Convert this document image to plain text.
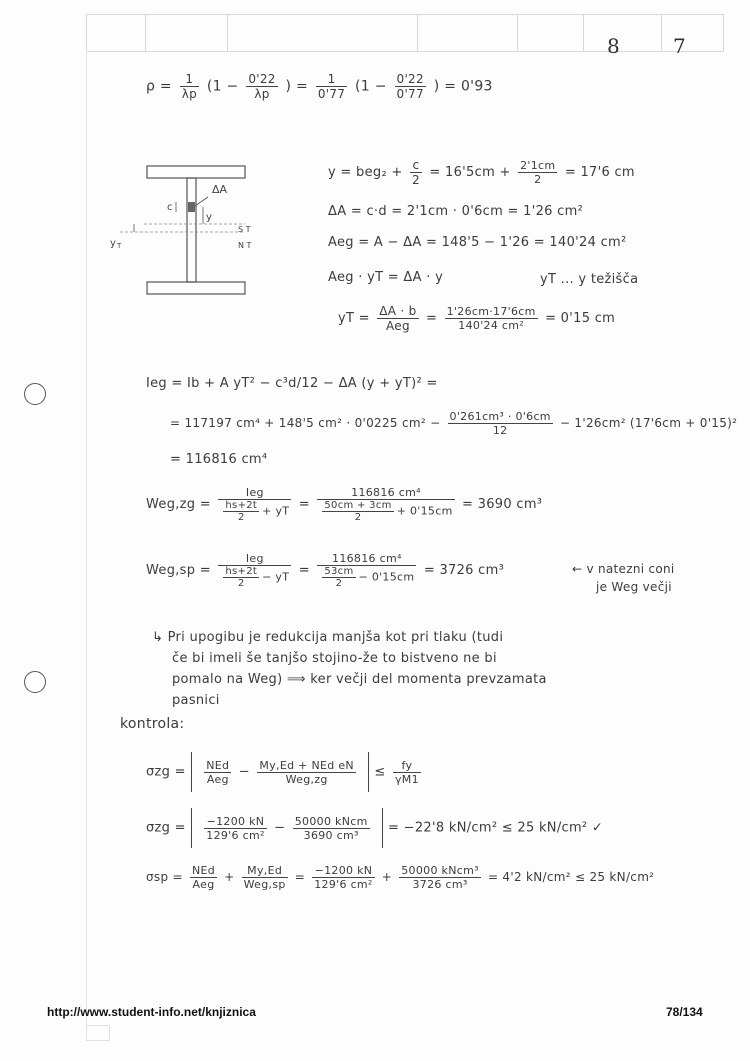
8	7
$\rho = \frac{1}{\lambda p} (1 - \frac{0'22}{\lambda p}$ ) = $\frac{1}{0'77} (1 - \frac{0'22}{0'77}$ ) = 0'93
ΔA
c
y
S T
N T
y T
$y = beg_2 + \frac{c}{2} = 16'5cm + \frac{2'1cm}{2} = 17'6$ cm
ΔA = c·d = 2'1cm · 0'6cm = 1'26 cm²
Aeg = A − ΔA = 148'5 − 1'26 = 140'24 cm²
Aeg · yT = ΔA · y	yT ... y težišča
yT = $\frac{\Delta A \cdot b}{\text{Aeg}} = \frac{1'26cm\cdot 17'6cm}{\text{140'24 cm²}} = 0'15$ cm
Ieg = Ib + A yT² − c³d/12 − ΔA (y + yT)² =
= 117197 cm⁴ + 148'5 cm² · 0'0225 $cm^2 - \frac{\text{0'261cm³ · 0'6cm}}{12} - 1'26cm^2$ (17'6cm + 0'15)²
= 116816 cm⁴
$Weg,zg = \frac{\text{Ieg}}{\frac{hs+2t}{2} + yT} = \frac{\text{116816 cm⁴}}{\frac{50cm + 3cm}{2} + 0'15cm} = 3690$ cm³
$Weg,sp = \frac{\text{Ieg}}{\frac{hs+2t}{2} - yT} = \frac{\text{116816 cm⁴}}{\frac{53cm}{2} - 0'15cm} = 3726$ cm³	← v natezni coni
je Weg večji
↳ Pri upogibu je redukcija manjša kot pri tlaku (tudi
če bi imeli še tanjšo stojino-že to bistveno ne bi
pomalo na Weg) ⟹ ker večji del momenta prevzamata
pasnici
kontrola:
$\sigma zg = \frac{\text{NEd}}{\text{Aeg}} - \frac{\text{My,Ed + NEd eN}}{\text{Weg,zg}} \le \frac{fy}{\gamma M1}$
$\sigma zg = \frac{-1200 kN}{\text{129'6 cm²}} - \frac{\text{50000 kNcm}}{\text{3690 cm³}} = -22'8$ kN/cm² ≤ 25 kN/cm² ✓
$\sigma sp = \frac{\text{NEd}}{\text{Aeg}} + \frac{My,Ed}{\text{Weg,sp}} = \frac{-1200 kN}{\text{129'6 cm²}} + \frac{\text{50000 kNcm³}}{\text{3726 cm³}} = 4'2$ kN/cm² ≤ 25 kN/cm²
http://www.student-info.net/knjiznica	78/134
